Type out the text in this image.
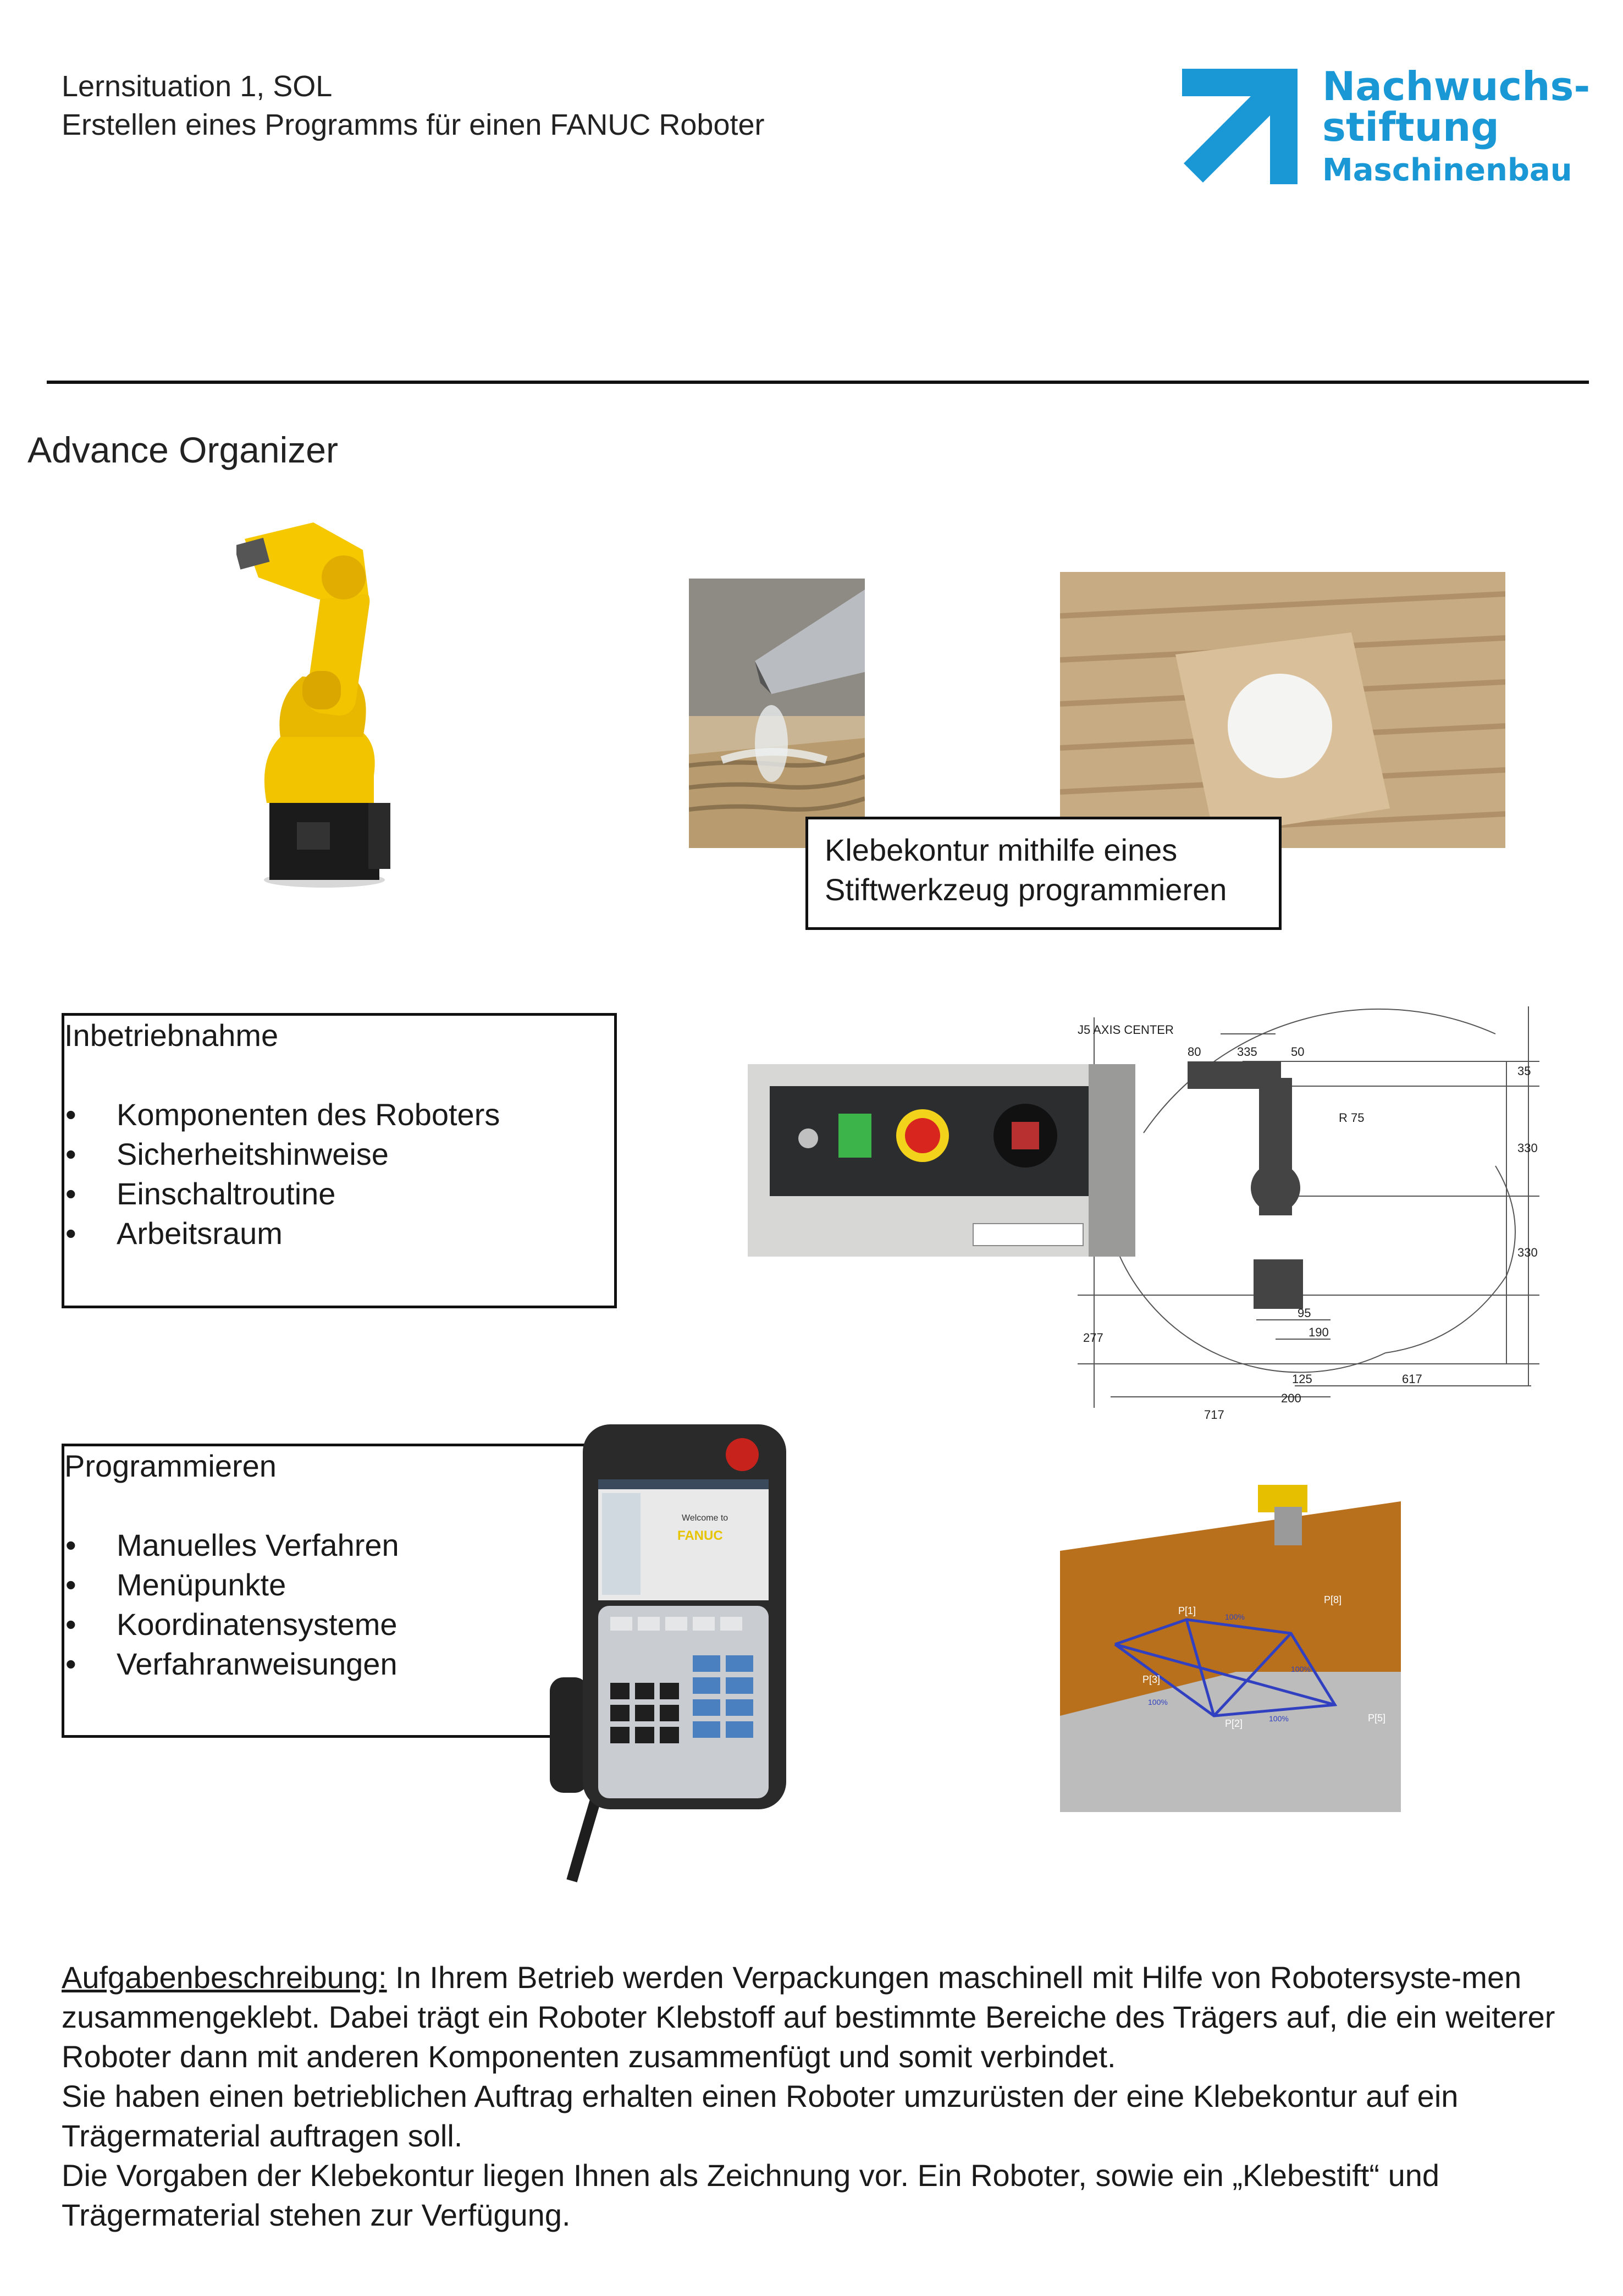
Lernsituation 1, SOL
Erstellen eines Programms für einen FANUC Roboter
Nachwuchs-
stiftung
Maschinenbau
Advance Organizer
Klebekontur mithilfe eines
Stiftwerkzeug programmieren
Inbetriebnahme
• Komponenten des Roboters
• Sicherheitshinweise
• Einschaltroutine
• Arbeitsraum
J5 AXIS CENTER
80	335	50
35
330
330
R 75
95
190
277
125	617
200
717
Programmieren
• Manuelles Verfahren
• Menüpunkte
• Koordinatensysteme
• Verfahranweisungen
Welcome to
FANUC
P[1]
P[2]
P[3]
P[8]
P[5]
100%
100%
100%
100%

Aufgabenbeschreibung: In Ihrem Betrieb werden Verpackungen maschinell mit Hilfe von Robotersyste-men zusammengeklebt. Dabei trägt ein Roboter Klebstoff auf bestimmte Bereiche des Trägers auf, die ein weiterer Roboter dann mit anderen Komponenten zusammenfügt und somit verbindet.

Sie haben einen betrieblichen Auftrag erhalten einen Roboter umzurüsten der eine Klebekontur auf ein Trägermaterial auftragen soll.

Die Vorgaben der Klebekontur liegen Ihnen als Zeichnung vor. Ein Roboter, sowie ein „Klebestift“ und Trägermaterial stehen zur Verfügung.
